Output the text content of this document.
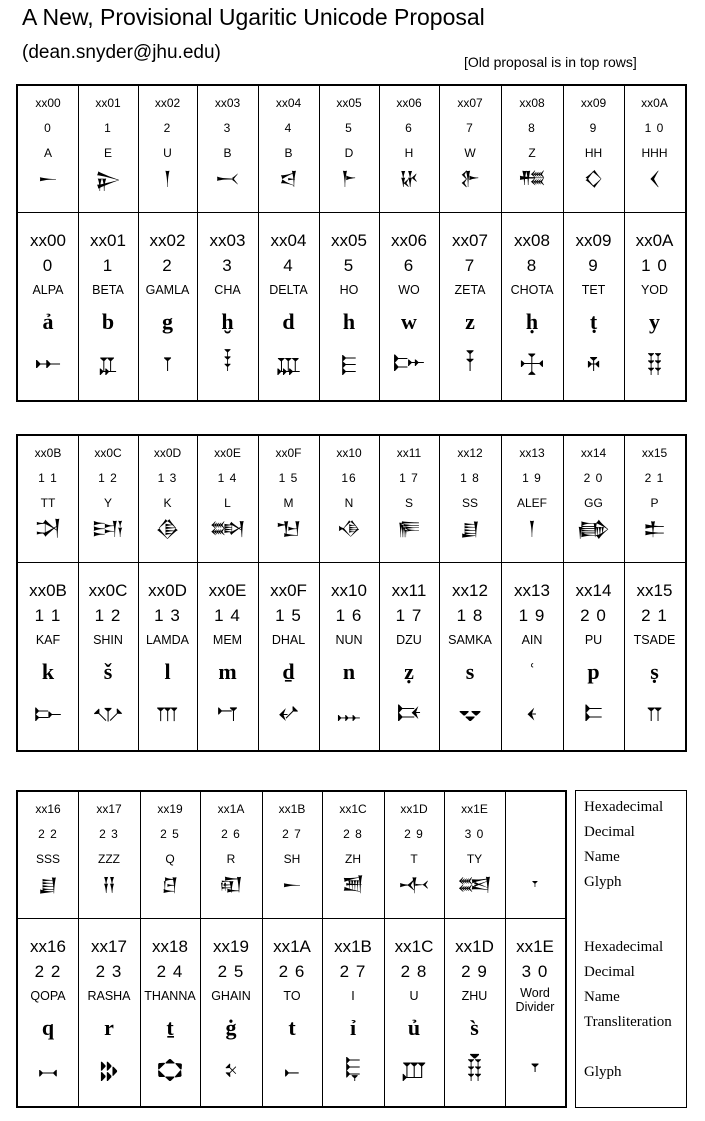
A New, Provisional Ugaritic Unicode Proposal
(dean.snyder@jhu.edu)	[Old proposal is in top rows]
xx00
0
A
𒀸
xx01
1
E
𒉌
xx02
2
U
𒁹
xx03
3
B
𒁁
xx04
4
B
𒁀
xx05
5
D
𒈨
xx06
6
H
𒄩
xx07
7
W
𒉿
xx08
8
Z
𒍣
xx09
9
HH
𒄭
xx0A
1 0
HHH
𒌋
xx00
0
ALPA
ả
𐎀
xx01
1
BETA
b
𐎁
xx02
2
GAMLA
g
𐎂
xx03
3
CHA
ḫ
𐎃
xx04
4
DELTA
d
𐎄
xx05
5
HO
h
𐎅
xx06
6
WO
w
𐎆
xx07
7
ZETA
z
𐎇
xx08
8
CHOTA
ḥ
𐎈
xx09
9
TET
ṭ
𐎉
xx0A
1 0
YOD
y
𐎊
xx0B
1 1
TT
𒋫
xx0C
1 2
Y
𒅀
xx0D
1 3
K
𒆠
xx0E
1 4
L
𒇷
xx0F
1 5
M
𒈠
xx10
16
N
𒈾
xx11
1 7
S
𒊓
xx12
1 8
SS
𒋗
xx13
1 9
ALEF
𒁹
xx14
2 0
GG
𒂵
xx15
2 1
P
𒉺
xx0B
1 1
KAF
k
𐎋
xx0C
1 2
SHIN
š
𐎌
xx0D
1 3
LAMDA
l
𐎍
xx0E
1 4
MEM
m
𐎎
xx0F
1 5
DHAL
ḏ
𐎏
xx10
1 6
NUN
n
𐎐
xx11
1 7
DZU
ẓ
𐎑
xx12
1 8
SAMKA
s
𐎒
xx13
1 9
AIN
ʿ
𐎓
xx14
2 0
PU
p
𐎔
xx15
2 1
TSADE
ṣ
𐎕
xx16
2 2
SSS
𒋗
xx17
2 3
ZZZ
𒍝
xx19
2 5
Q
𒆪
xx1A
2 6
R
𒊏
xx1B
2 7
SH
𒀸
xx1C
2 8
ZH
𒍪
xx1D
2 9
T
𒋾
xx1E
3 0
TY
𒌅	𐎟
xx16
2 2
QOPA
q
𐎖
xx17
2 3
RASHA
r
𐎗
xx18
2 4
THANNA
ṯ
𐎘
xx19
2 5
GHAIN
ġ
𐎙
xx1A
2 6
TO
t
𐎚
xx1B
2 7
I
ỉ
𐎛
xx1C
2 8
U
ủ
𐎜
xx1D
2 9
ZHU
s̀
𐎝
xx1E
3 0
Word Divider
𐎟
Hexadecimal
Decimal
Name
Glyph
Hexadecimal
Decimal
Name
Transliteration
Glyph
